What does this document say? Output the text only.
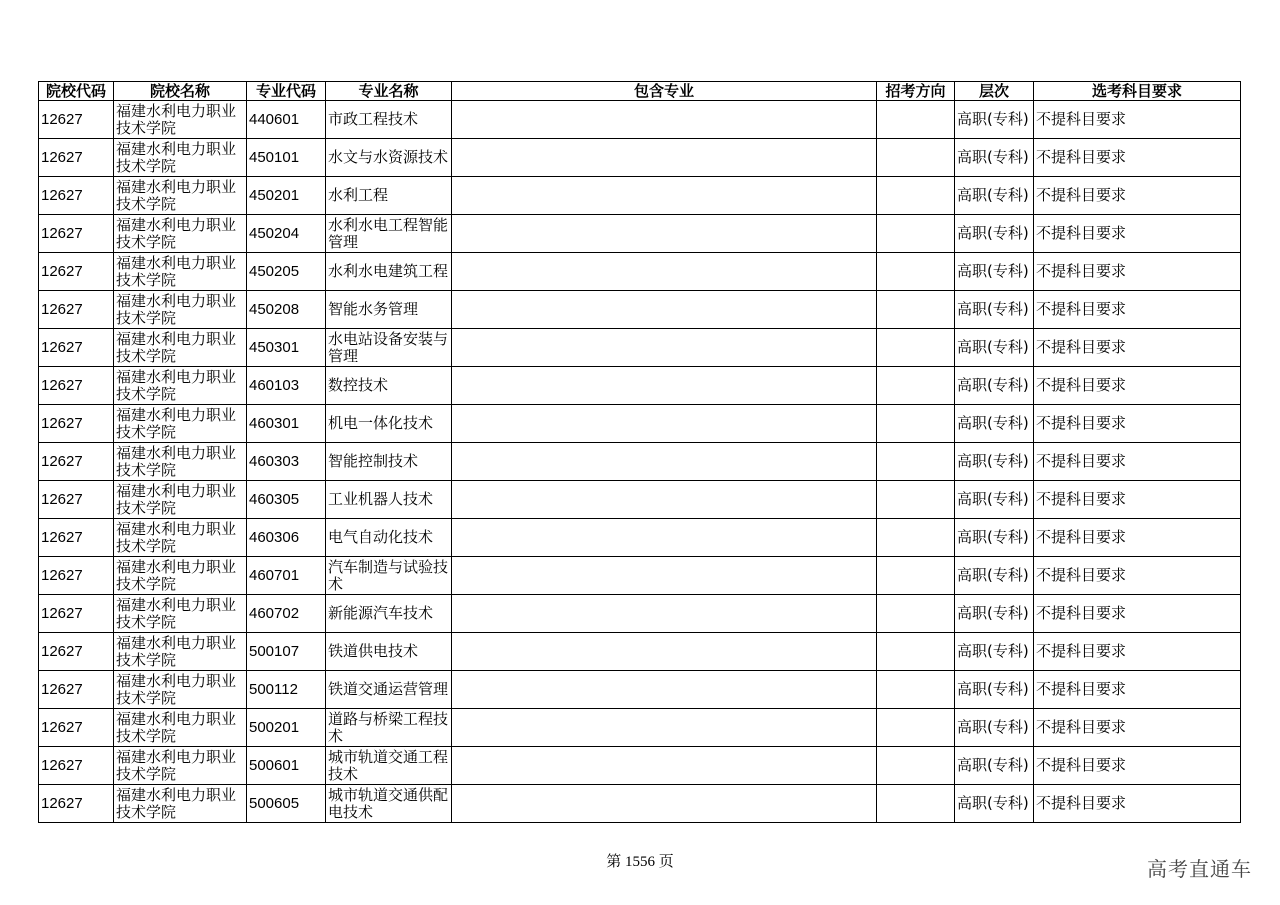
院校代码	院校名称	专业代码	专业名称	包含专业	招考方向	层次	选考科目要求
12627	福建水利电力职业技术学院	440601	市政工程技术			高职(专科)	不提科目要求
12627	福建水利电力职业技术学院	450101	水文与水资源技术			高职(专科)	不提科目要求
12627	福建水利电力职业技术学院	450201	水利工程			高职(专科)	不提科目要求
12627	福建水利电力职业技术学院	450204	水利水电工程智能管理			高职(专科)	不提科目要求
12627	福建水利电力职业技术学院	450205	水利水电建筑工程			高职(专科)	不提科目要求
12627	福建水利电力职业技术学院	450208	智能水务管理			高职(专科)	不提科目要求
12627	福建水利电力职业技术学院	450301	水电站设备安装与管理			高职(专科)	不提科目要求
12627	福建水利电力职业技术学院	460103	数控技术			高职(专科)	不提科目要求
12627	福建水利电力职业技术学院	460301	机电一体化技术			高职(专科)	不提科目要求
12627	福建水利电力职业技术学院	460303	智能控制技术			高职(专科)	不提科目要求
12627	福建水利电力职业技术学院	460305	工业机器人技术			高职(专科)	不提科目要求
12627	福建水利电力职业技术学院	460306	电气自动化技术			高职(专科)	不提科目要求
12627	福建水利电力职业技术学院	460701	汽车制造与试验技术			高职(专科)	不提科目要求
12627	福建水利电力职业技术学院	460702	新能源汽车技术			高职(专科)	不提科目要求
12627	福建水利电力职业技术学院	500107	铁道供电技术			高职(专科)	不提科目要求
12627	福建水利电力职业技术学院	500112	铁道交通运营管理			高职(专科)	不提科目要求
12627	福建水利电力职业技术学院	500201	道路与桥梁工程技术			高职(专科)	不提科目要求
12627	福建水利电力职业技术学院	500601	城市轨道交通工程技术			高职(专科)	不提科目要求
12627	福建水利电力职业技术学院	500605	城市轨道交通供配电技术			高职(专科)	不提科目要求
第 1556 页	高考直通车
